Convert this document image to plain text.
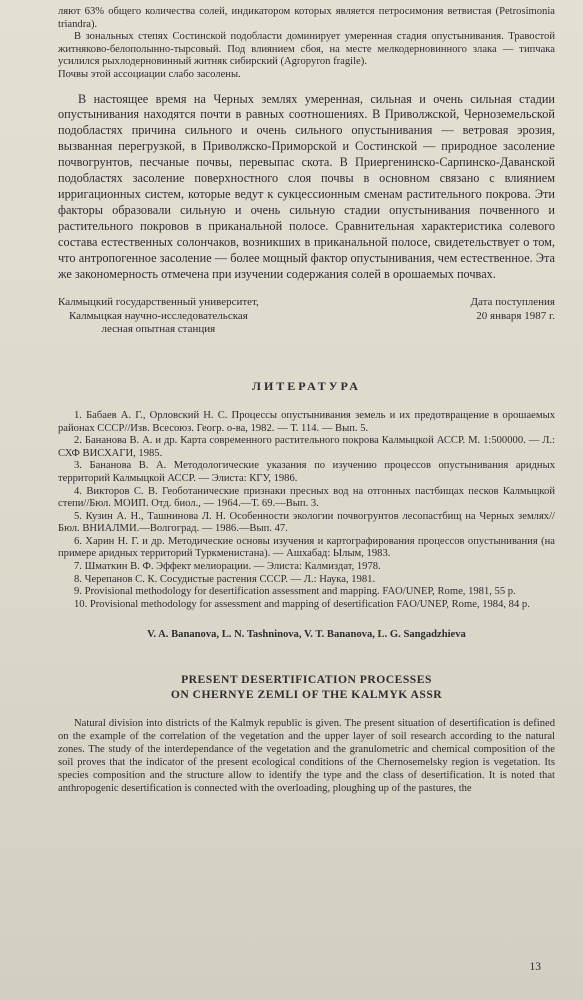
ляют 63% общего количества солей, индикатором которых является петросимония ветвистая (Petrosimonia triandra).

В зональных степях Состинской подобласти доминирует умеренная стадия опустынивания. Травостой житняково-белополынно-тырсовый. Под влиянием сбоя, на месте мелкодерновинного злака — типчака усилился рыхлодерновинный житняк сибирский (Agropyron fragile).

Почвы этой ассоциации слабо засолены.

В настоящее время на Черных землях умеренная, сильная и очень сильная стадии опустынивания находятся почти в равных соотношениях. В Приволжской, Черноземельской подобластях причина сильного и очень сильного опустынивания — ветровая эрозия, вызванная перегрузкой, в Приволжско-Приморской и Состинской — природное засоление почвогрунтов, песчаные почвы, перевыпас скота. В Приергенинско-Сарпинско-Даванской подобластях засоление поверхностного слоя почвы в основном связано с влиянием ирригационных систем, которые ведут к сукцессионным сменам растительного покрова. Эти факторы образовали сильную и очень сильную стадии опустынивания почвенного и растительного покровов в приканальной полосе. Сравнительная характеристика солевого состава естественных солончаков, возникших в приканальной полосе, свидетельствует о том, что антропогенное засоление — более мощный фактор опустынивания, чем естественное. Эта же закономерность отмечена при изучении содержания солей в орошаемых почвах.

Калмыцкий государственный университет,
Калмыцкая научно-исследовательская
лесная опытная станция
Дата поступления
20 января 1987 г.
ЛИТЕРАТУРА

1. Бабаев А. Г., Орловский Н. С. Процессы опустынивания земель и их предотвращение в орошаемых районах СССР//Изв. Всесоюз. Геогр. о-ва, 1982. — Т. 114. — Вып. 5.

2. Бананова В. А. и др. Карта современного растительного покрова Калмыцкой АССР. М. 1:500000. — Л.: СХФ ВИСХАГИ, 1985.

3. Бананова В. А. Методологические указания по изучению процессов опустынивания аридных территорий Калмыцкой АССР. — Элиста: КГУ, 1986.

4. Викторов С. В. Геоботанические признаки пресных вод на отгонных пастбищах песков Калмыцкой степи//Бюл. МОИП. Отд. биол., — 1964.—Т. 69.—Вып. 3.

5. Кузин А. Н., Ташнинова Л. Н. Особенности экологии почвогрунтов лесопастбищ на Черных землях//Бюл. ВНИАЛМИ.—Волгоград. — 1986.—Вып. 47.

6. Харин Н. Г. и др. Методические основы изучения и картографирования процессов опустынивания (на примере аридных территорий Туркменистана). — Ашхабад: Ылым, 1983.

7. Шматкин В. Ф. Эффект мелиорации. — Элиста: Калмиздат, 1978.

8. Черепанов С. К. Сосудистые растения СССР. — Л.: Наука, 1981.

9. Provisional methodology for desertification assessment and mapping. FAO/UNEP, Rome, 1981, 55 p.

10. Provisional methodology for assessment and mapping of desertification FAO/UNEP, Rome, 1984, 84 p.

V. A. Bananova, L. N. Tashninova, V. T. Bananova, L. G. Sangadzhieva
PRESENT DESERTIFICATION PROCESSES
ON CHERNYE ZEMLI OF THE KALMYK ASSR
Natural division into districts of the Kalmyk republic is given. The present situation of desertification is defined on the example of the correlation of the vegetation and the upper layer of soil research according to the natural zones. The study of the interdependance of the vegetation and the granulometric and chemical composition of the soil proves that the indicator of the present ecological conditions of the Chernosemelsky region is vegetation. Its species composition and the structure allow to identify the type and the class of desertification. It is noted that anthropogenic desertification is connected with the overloading, ploughing up of the pastures, the
13
